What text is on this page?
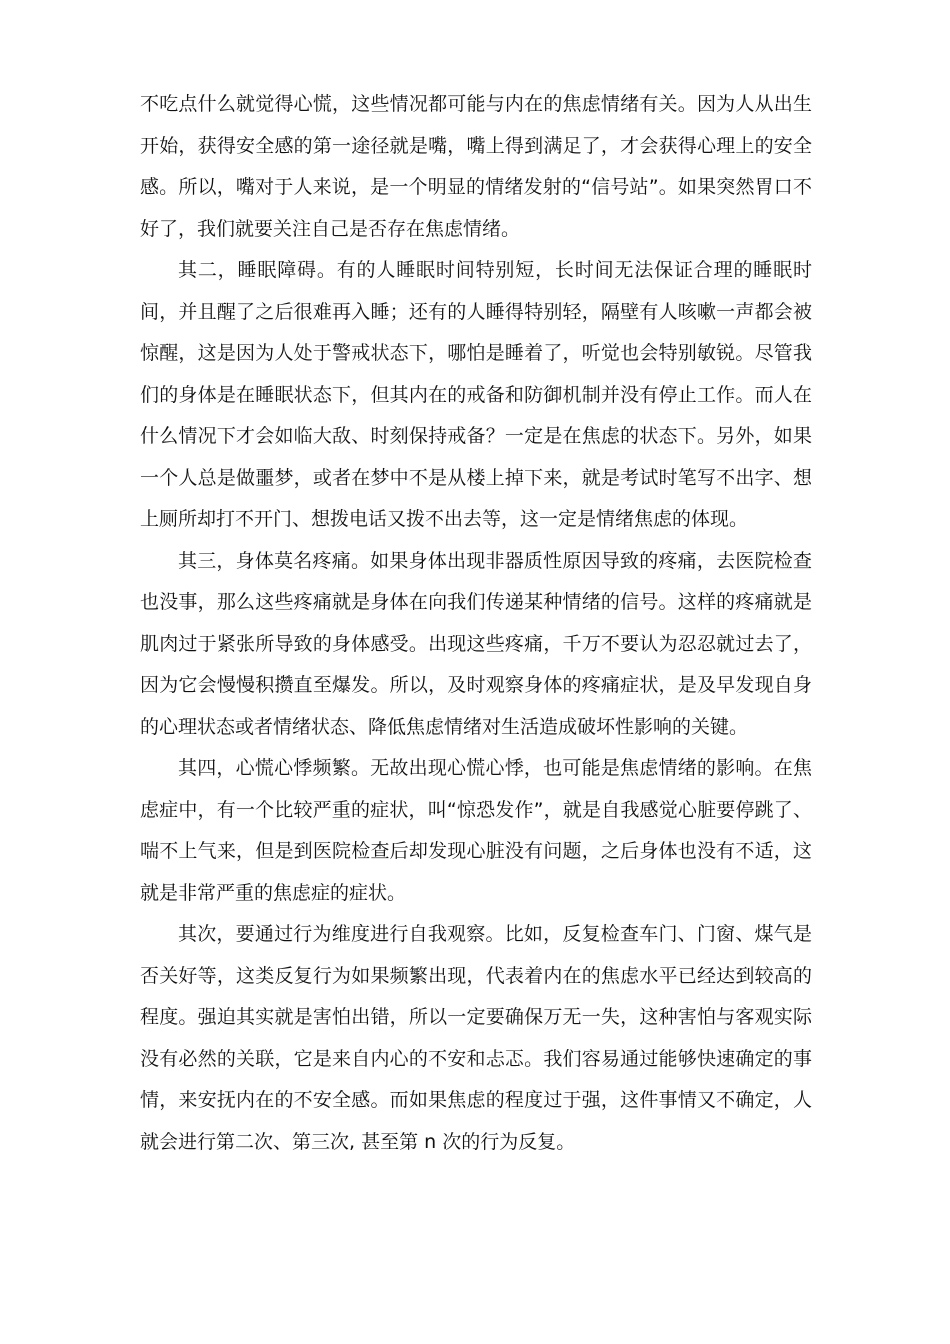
不吃点什么就觉得心慌，这些情况都可能与内在的焦虑情绪有关。因为人从出生开始，获得安全感的第一途径就是嘴，嘴上得到满足了，才会获得心理上的安全感。所以，嘴对于人来说，是一个明显的情绪发射的“信号站”。如果突然胃口不好了，我们就要关注自己是否存在焦虑情绪。

其二，睡眠障碍。有的人睡眠时间特别短，长时间无法保证合理的睡眠时间，并且醒了之后很难再入睡；还有的人睡得特别轻，隔壁有人咳嗽一声都会被惊醒，这是因为人处于警戒状态下，哪怕是睡着了，听觉也会特别敏锐。尽管我们的身体是在睡眠状态下，但其内在的戒备和防御机制并没有停止工作。而人在什么情况下才会如临大敌、时刻保持戒备？一定是在焦虑的状态下。另外，如果一个人总是做噩梦，或者在梦中不是从楼上掉下来，就是考试时笔写不出字、想上厕所却打不开门、想拨电话又拨不出去等，这一定是情绪焦虑的体现。

其三，身体莫名疼痛。如果身体出现非器质性原因导致的疼痛，去医院检查也没事，那么这些疼痛就是身体在向我们传递某种情绪的信号。这样的疼痛就是肌肉过于紧张所导致的身体感受。出现这些疼痛，千万不要认为忍忍就过去了，因为它会慢慢积攒直至爆发。所以，及时观察身体的疼痛症状，是及早发现自身的心理状态或者情绪状态、降低焦虑情绪对生活造成破坏性影响的关键。

其四，心慌心悸频繁。无故出现心慌心悸，也可能是焦虑情绪的影响。在焦虑症中，有一个比较严重的症状，叫“惊恐发作”，就是自我感觉心脏要停跳了、喘不上气来，但是到医院检查后却发现心脏没有问题，之后身体也没有不适，这就是非常严重的焦虑症的症状。

其次，要通过行为维度进行自我观察。比如，反复检查车门、门窗、煤气是否关好等，这类反复行为如果频繁出现，代表着内在的焦虑水平已经达到较高的程度。强迫其实就是害怕出错，所以一定要确保万无一失，这种害怕与客观实际没有必然的关联，它是来自内心的不安和忐忑。我们容易通过能够快速确定的事情，来安抚内在的不安全感。而如果焦虑的程度过于强，这件事情又不确定，人就会进行第二次、第三次, 甚至第 n 次的行为反复。
